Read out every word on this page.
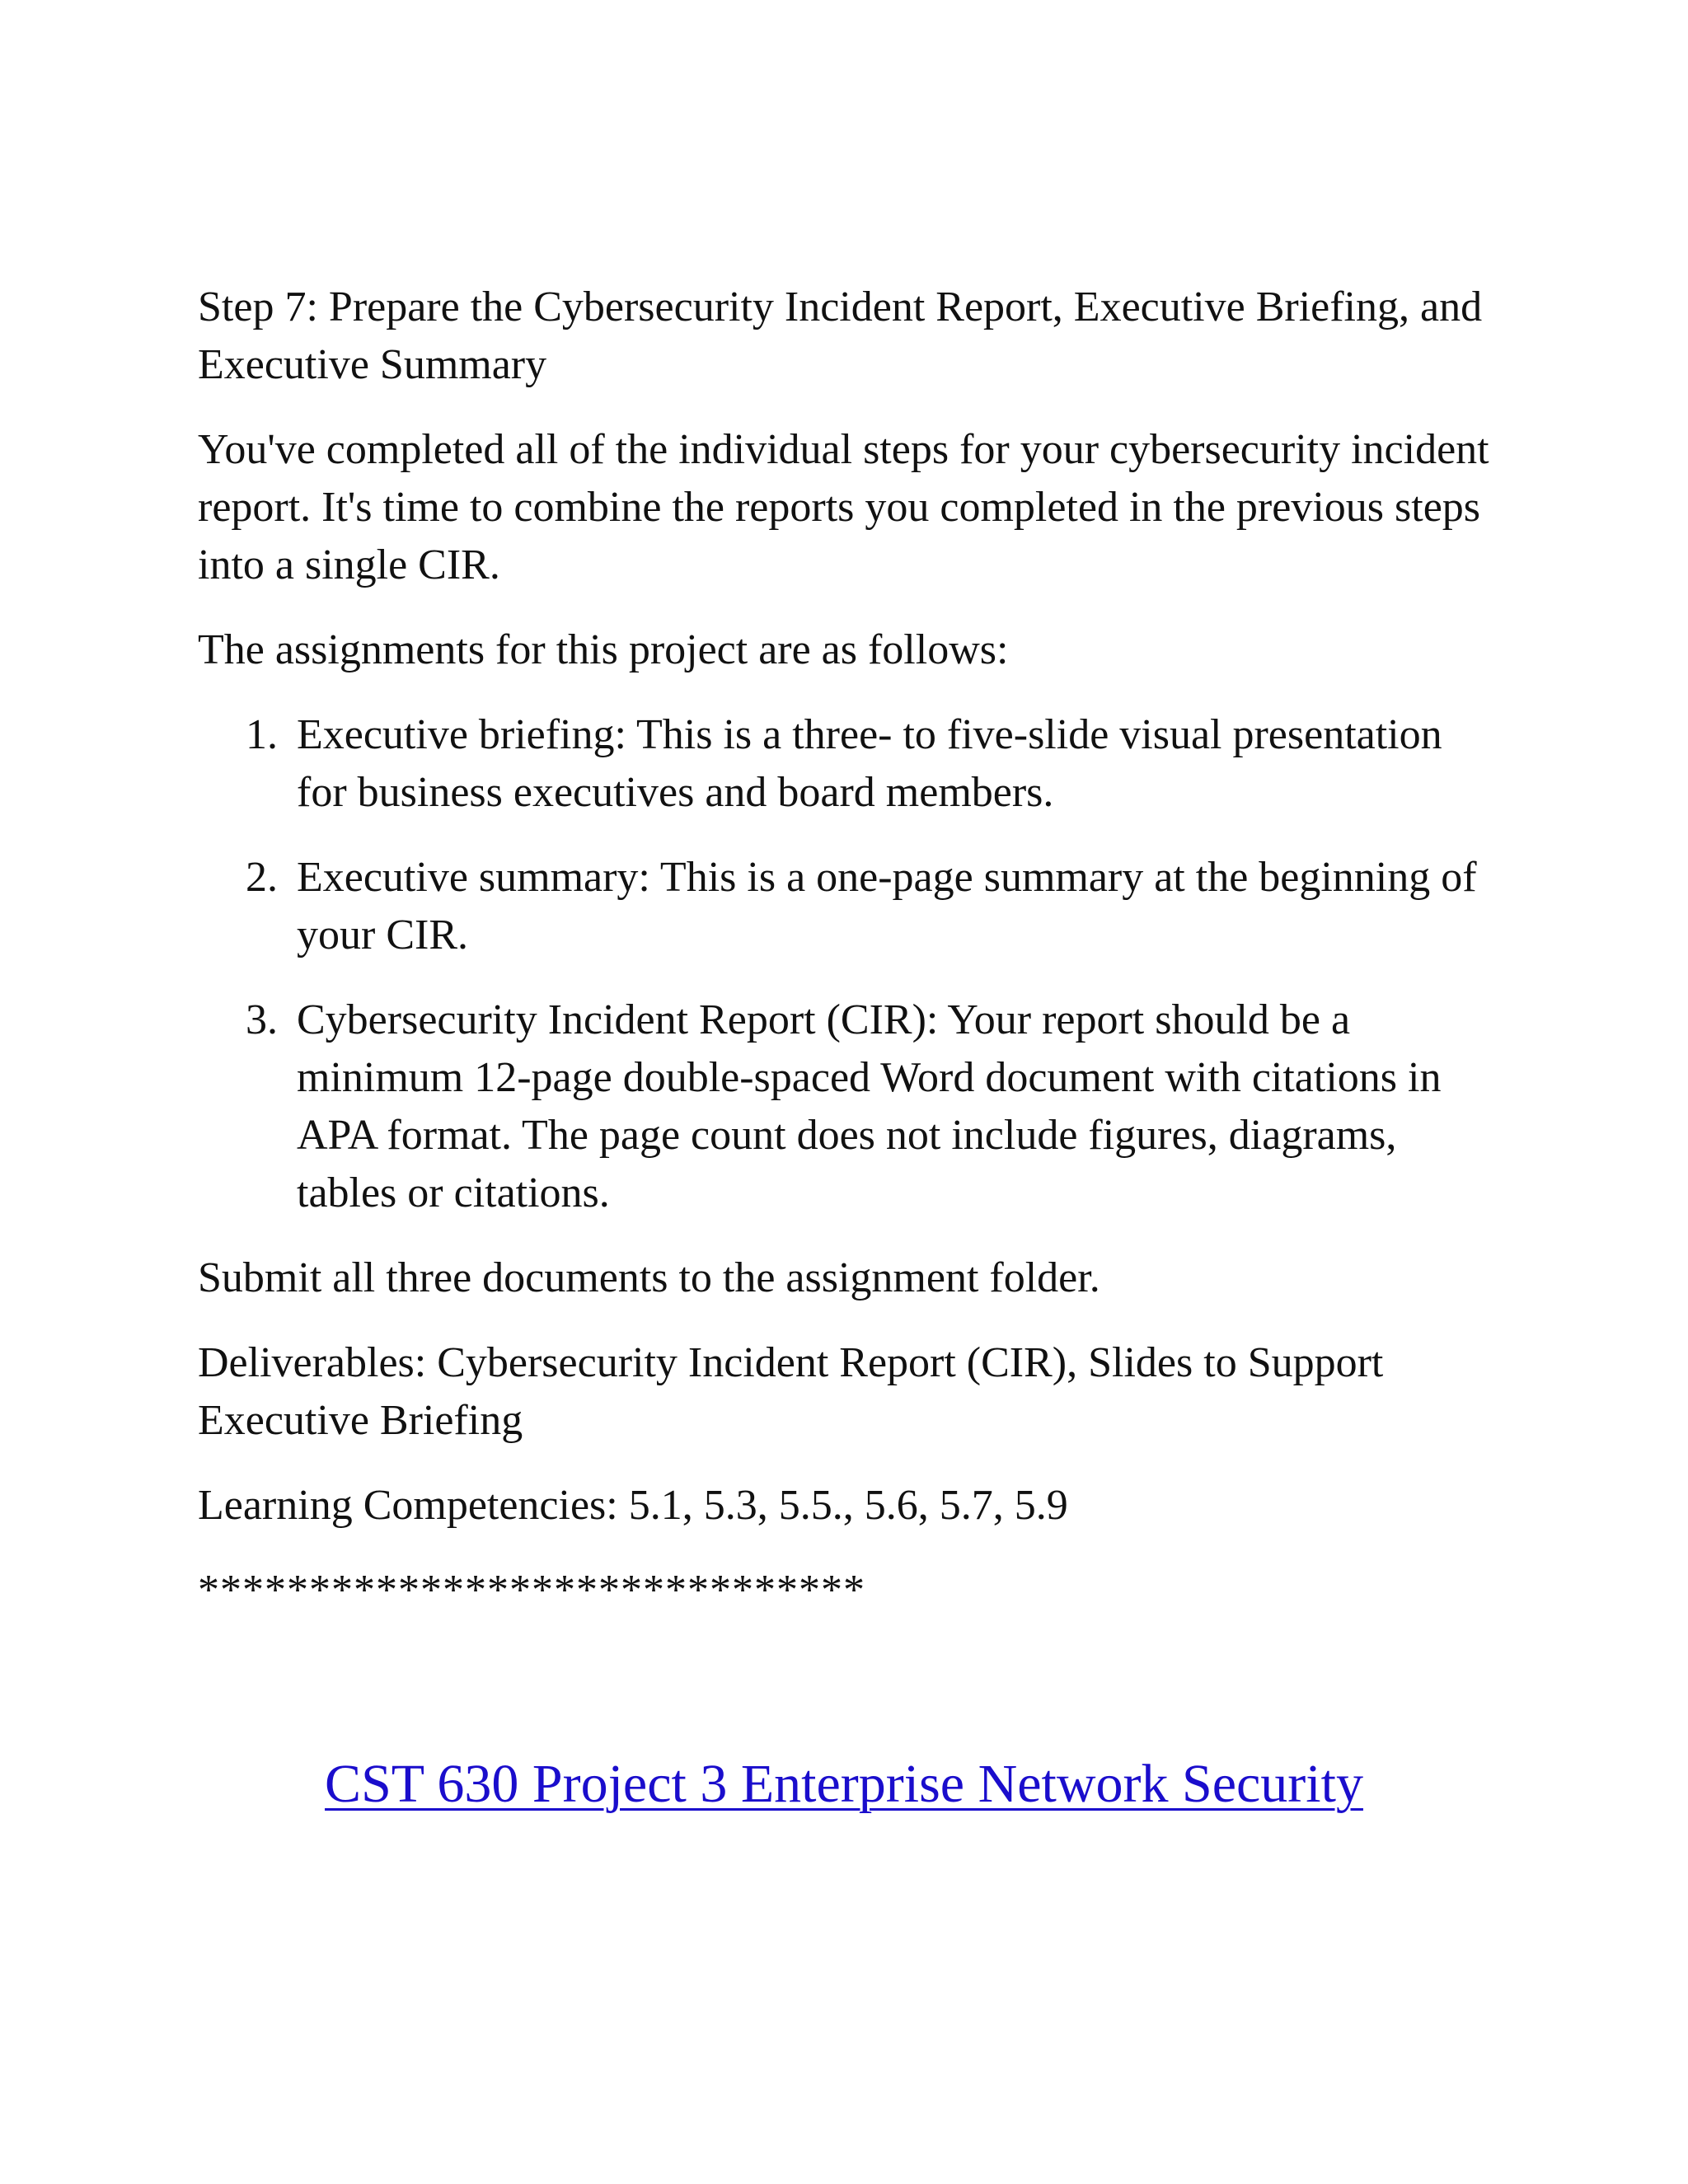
Step 7: Prepare the Cybersecurity Incident Report, Executive Briefing, and Executive Summary

You've completed all of the individual steps for your cybersecurity incident report. It's time to combine the reports you completed in the previous steps into a single CIR.

The assignments for this project are as follows:

1. Executive briefing: This is a three- to five-slide visual presentation for business executives and board members.
2. Executive summary: This is a one-page summary at the beginning of your CIR.
3. Cybersecurity Incident Report (CIR): Your report should be a minimum 12-page double-spaced Word document with citations in APA format. The page count does not include figures, diagrams, tables or citations.

Submit all three documents to the assignment folder.

Deliverables: Cybersecurity Incident Report (CIR), Slides to Support Executive Briefing

Learning Competencies: 5.1, 5.3, 5.5., 5.6, 5.7, 5.9

******************************

CST 630 Project 3 Enterprise Network Security
